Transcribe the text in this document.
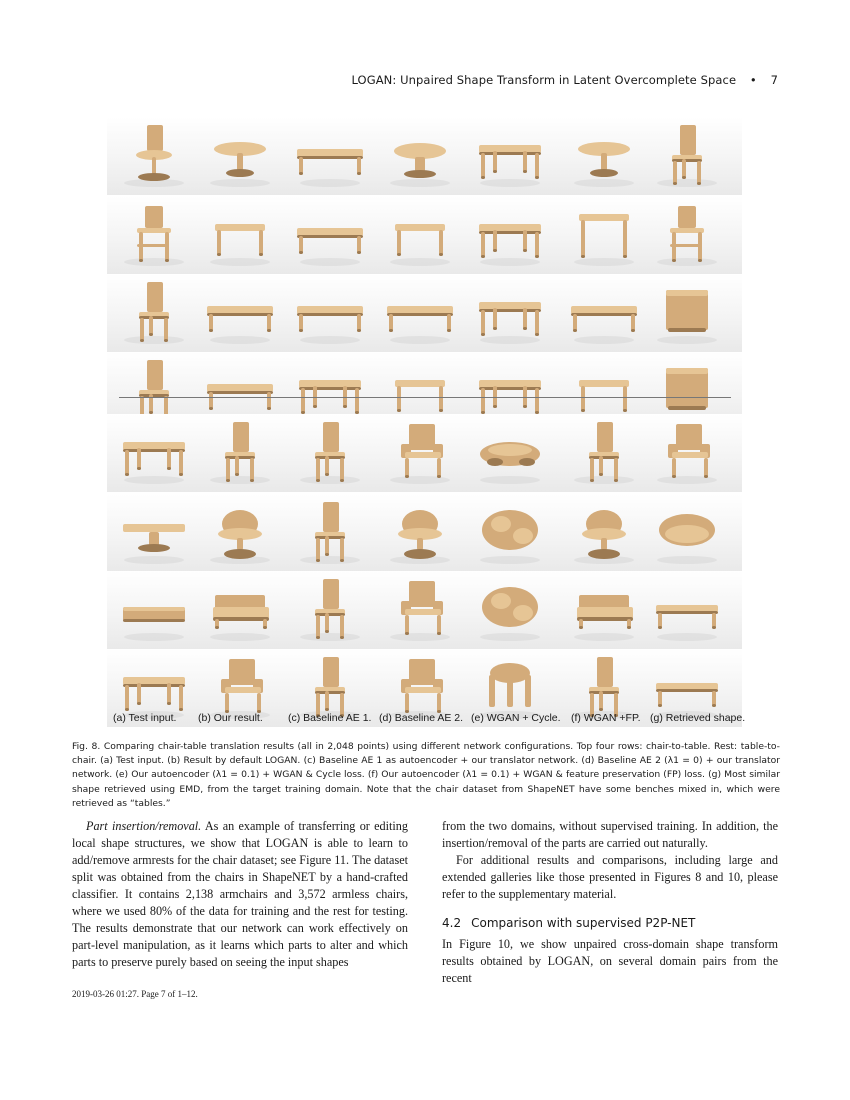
LOGAN: Unpaired Shape Transform in Latent Overcomplete Space • 7
(a) Test input. (b) Our result. (c) Baseline AE 1. (d) Baseline AE 2. (e) WGAN + Cycle. (f) WGAN +FP. (g) Retrieved shape.

Fig. 8. Comparing chair-table translation results (all in 2,048 points) using different network configurations. Top four rows: chair-to-table. Rest: table-to-chair. (a) Test input. (b) Result by default LOGAN. (c) Baseline AE 1 as autoencoder + our translator network. (d) Baseline AE 2 (λ1 = 0) + our translator network. (e) Our autoencoder (λ1 = 0.1) + WGAN & Cycle loss. (f) Our autoencoder (λ1 = 0.1) + WGAN & feature preservation (FP) loss. (g) Most similar shape retrieved using EMD, from the target training domain. Note that the chair dataset from ShapeNET have some benches mixed in, which were retrieved as “tables.”

Part insertion/removal. As an example of transferring or editing local shape structures, we show that LOGAN is able to learn to add/remove armrests for the chair dataset; see Figure 11. The dataset split was obtained from the chairs in ShapeNET by a hand-crafted classifier. It contains 2,138 armchairs and 3,572 armless chairs, where we used 80% of the data for training and the rest for testing. The results demonstrate that our network can work effectively on part-level manipulation, as it learns which parts to alter and which parts to preserve purely based on seeing the input shapes

from the two domains, without supervised training. In addition, the insertion/removal of the parts are carried out naturally.

For additional results and comparisons, including large and extended galleries like those presented in Figures 8 and 10, please refer to the supplementary material.

4.2 Comparison with supervised P2P-NET

In Figure 10, we show unpaired cross-domain shape transform results obtained by LOGAN, on several domain pairs from the recent

2019-03-26 01:27. Page 7 of 1–12.
